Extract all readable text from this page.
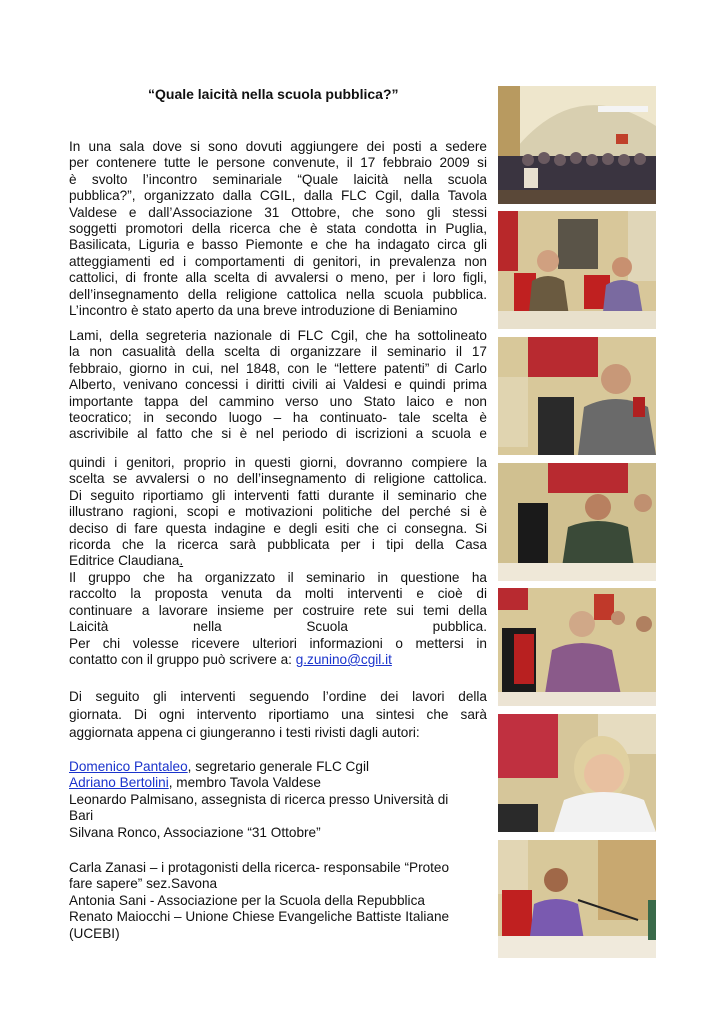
“Quale laicità nella scuola pubblica?”

In una sala dove si sono dovuti aggiungere dei posti a sedere
per contenere tutte le persone convenute, il 17 febbraio 2009 si
è svolto l’incontro seminariale “Quale laicità nella scuola
pubblica?”, organizzato dalla CGIL, dalla FLC Cgil, dalla Tavola
Valdese e dall’Associazione 31 Ottobre, che sono gli stessi
soggetti promotori della ricerca che è stata condotta in Puglia,
Basilicata, Liguria e basso Piemonte e che ha indagato circa gli
atteggiamenti ed i comportamenti di genitori, in prevalenza non
cattolici, di fronte alla scelta di avvalersi o meno, per i loro figli,
dell’insegnamento della religione cattolica nella scuola pubblica.
L’incontro è stato aperto da una breve introduzione di Beniamino

Lami, della segreteria nazionale di FLC Cgil, che ha sottolineato
la non casualità della scelta di organizzare il seminario il 17
febbraio, giorno in cui, nel 1848, con le “lettere patenti” di Carlo
Alberto, venivano concessi i diritti civili ai Valdesi e quindi prima
importante tappa del cammino verso uno Stato laico e non
teocratico; in secondo luogo – ha continuato- tale scelta è
ascrivibile al fatto che si è nel periodo di iscrizioni a scuola e

quindi i genitori, proprio in questi giorni, dovranno compiere la
scelta se avvalersi o no dell’insegnamento di religione cattolica.
Di seguito riportiamo gli interventi fatti durante il seminario che
illustrano ragioni, scopi e motivazioni politiche del perché si è
deciso di fare questa indagine e degli esiti che ci consegna. Si
ricorda che la ricerca sarà pubblicata per i tipi della Casa
Editrice Claudiana.

Il gruppo che ha organizzato il seminario in questione ha
raccolto la proposta venuta da molti interventi e cioè di
continuare a lavorare insieme per costruire rete sui temi della
Laicità nella Scuola pubblica.
Per chi volesse ricevere ulteriori informazioni o mettersi in

contatto con il gruppo può scrivere a: g.zunino@cgil.it

Di seguito gli interventi seguendo l’ordine dei lavori della
giornata. Di ogni intervento riportiamo una sintesi che sarà
aggiornata appena ci giungeranno i testi rivisti dagli autori:

Domenico Pantaleo, segretario generale FLC Cgil
Adriano Bertolini, membro Tavola Valdese
Leonardo Palmisano, assegnista di ricerca presso Università di
Bari
Silvana Ronco, Associazione “31 Ottobre”
Carla Zanasi – i protagonisti della ricerca- responsabile “Proteo
fare sapere” sez.Savona
Antonia Sani - Associazione per la Scuola della Repubblica
Renato Maiocchi – Unione Chiese Evangeliche Battiste Italiane
(UCEBI)
